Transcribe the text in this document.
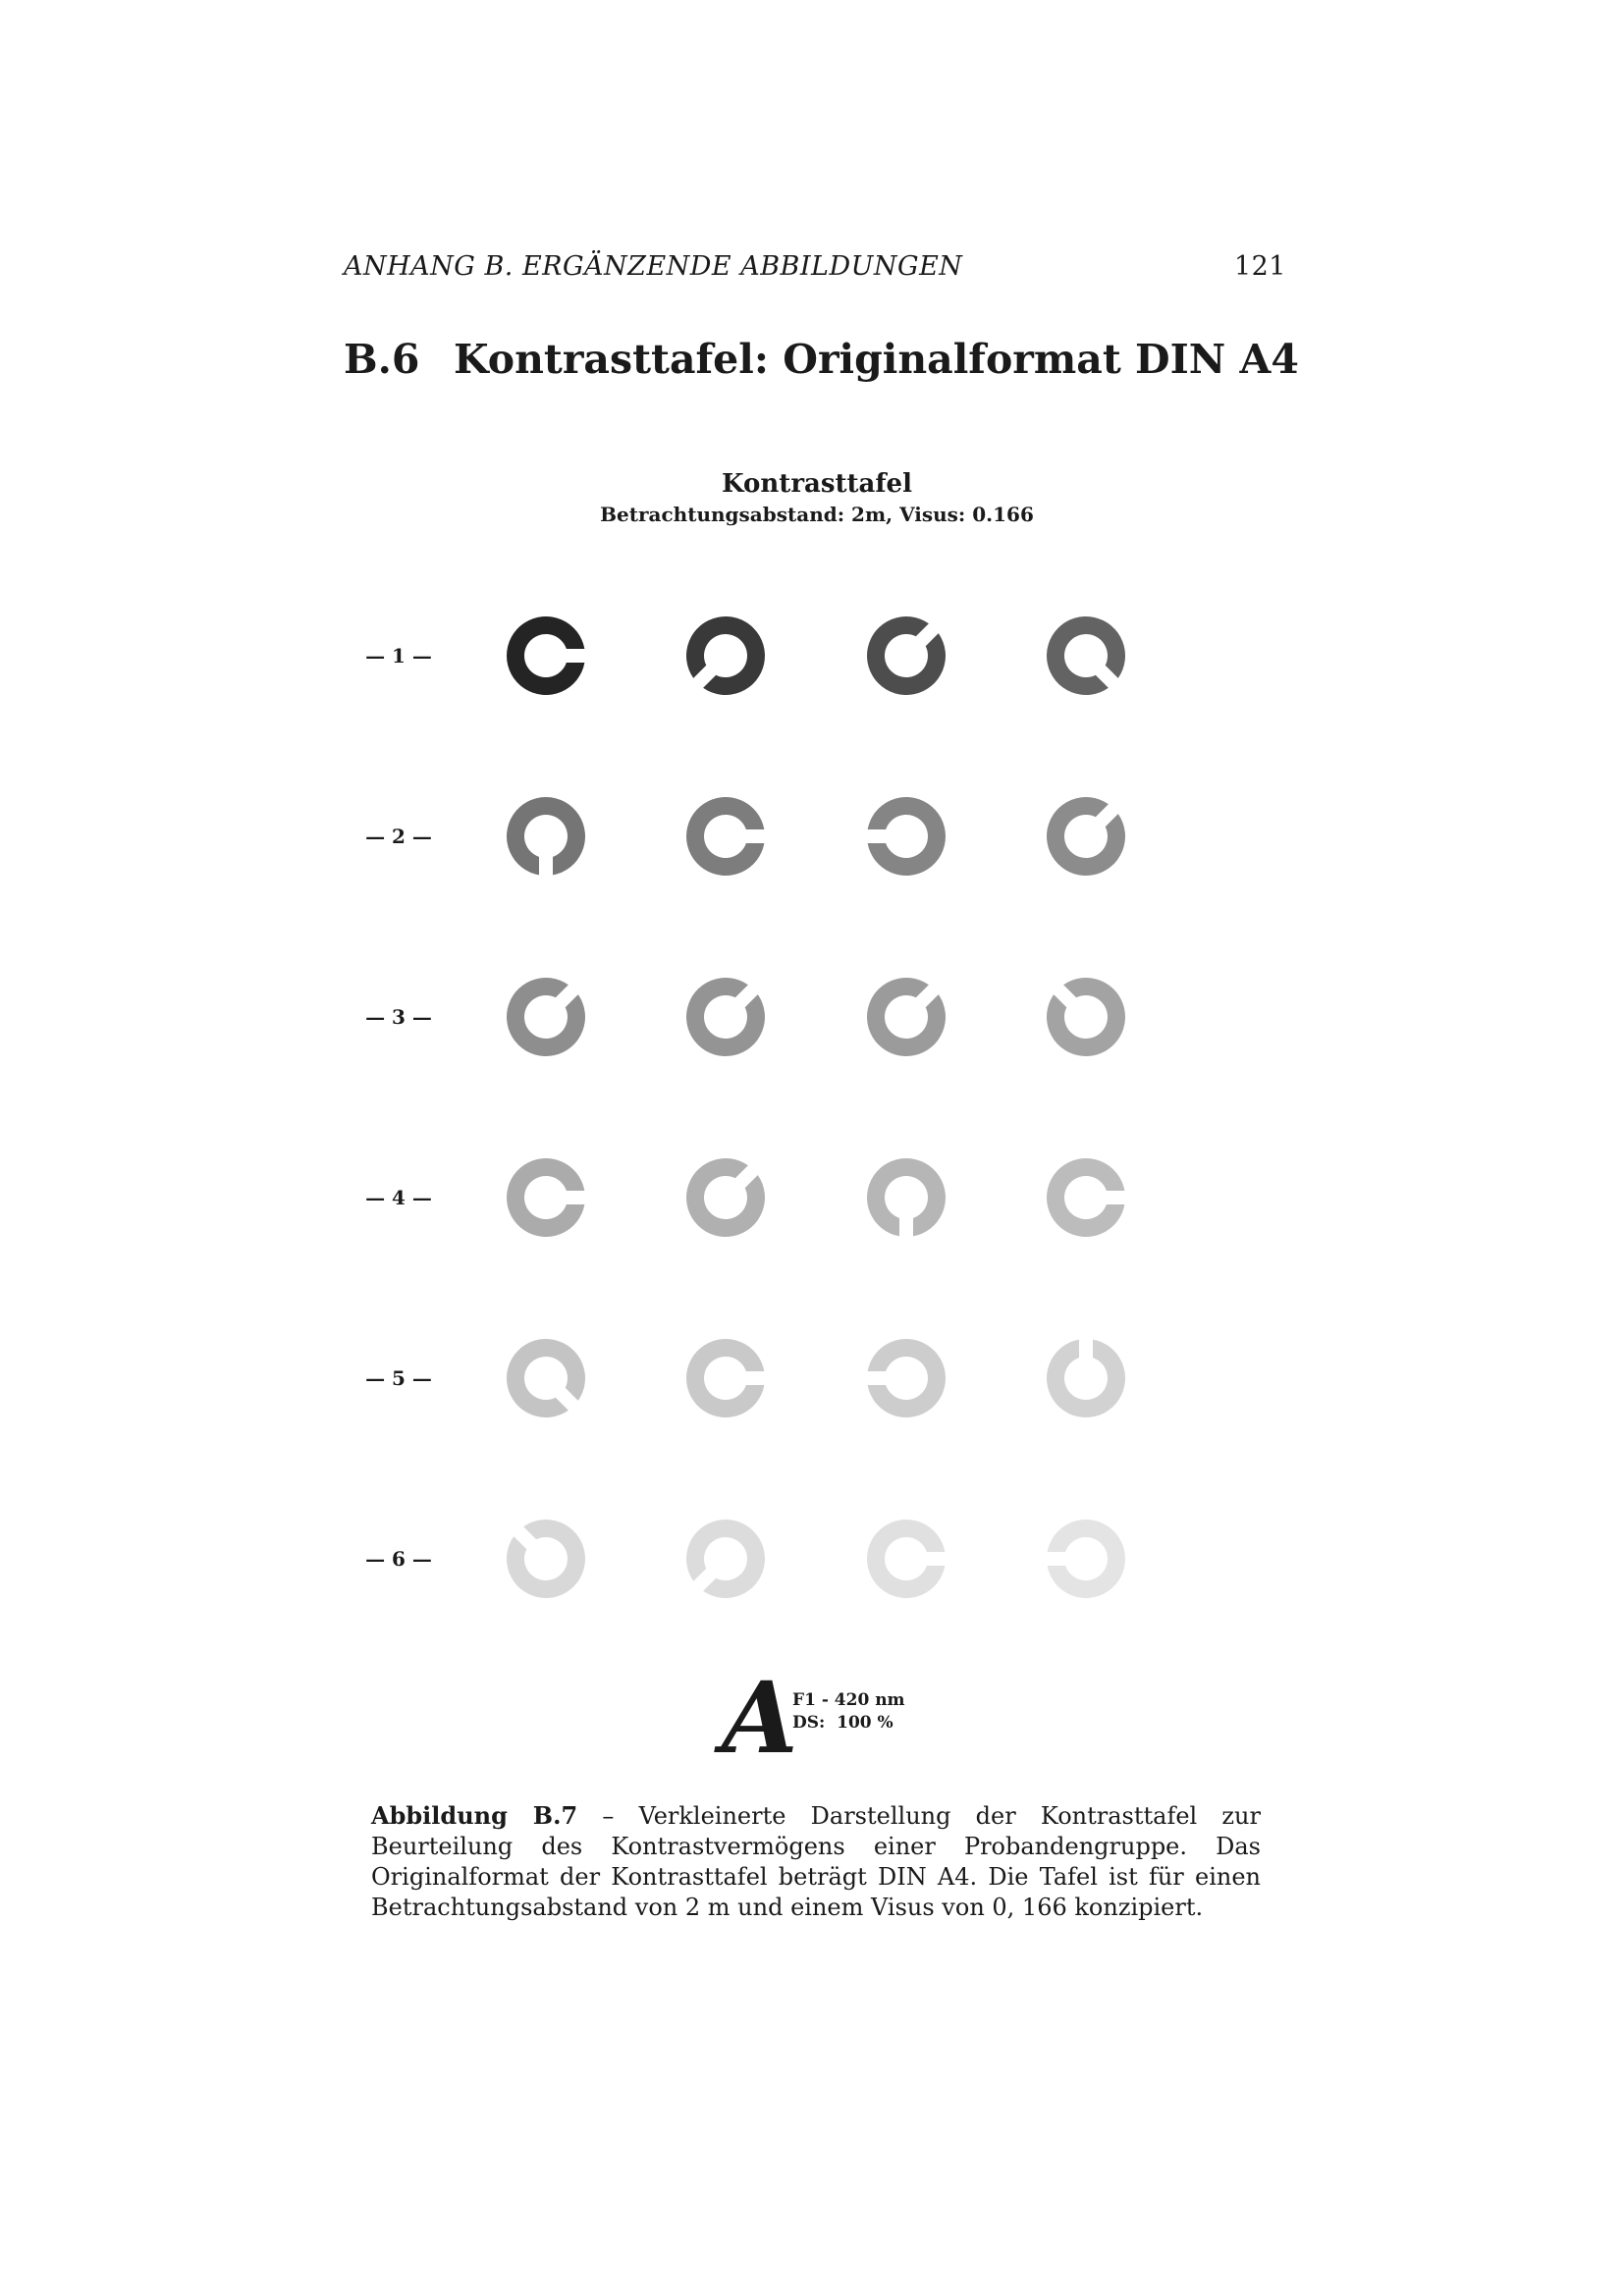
ANHANG B. ERGÄNZENDE ABBILDUNGEN	121
B.6 Kontrasttafel: Originalformat DIN A4
Kontrasttafel
Betrachtungsabstand: 2m, Visus: 0.166
— 1 —
— 2 —
— 3 —
— 4 —
— 5 —
— 6 —
A
F1 - 420 nm
DS:  100 %
Abbildung B.7 – Verkleinerte Darstellung der Kontrasttafel zur Beurteilung des Kontrastvermögens einer Probandengruppe. Das Originalformat der Kontrasttafel beträgt DIN A4. Die Tafel ist für einen Betrachtungsabstand von 2 m und einem Visus von 0, 166 konzipiert.
